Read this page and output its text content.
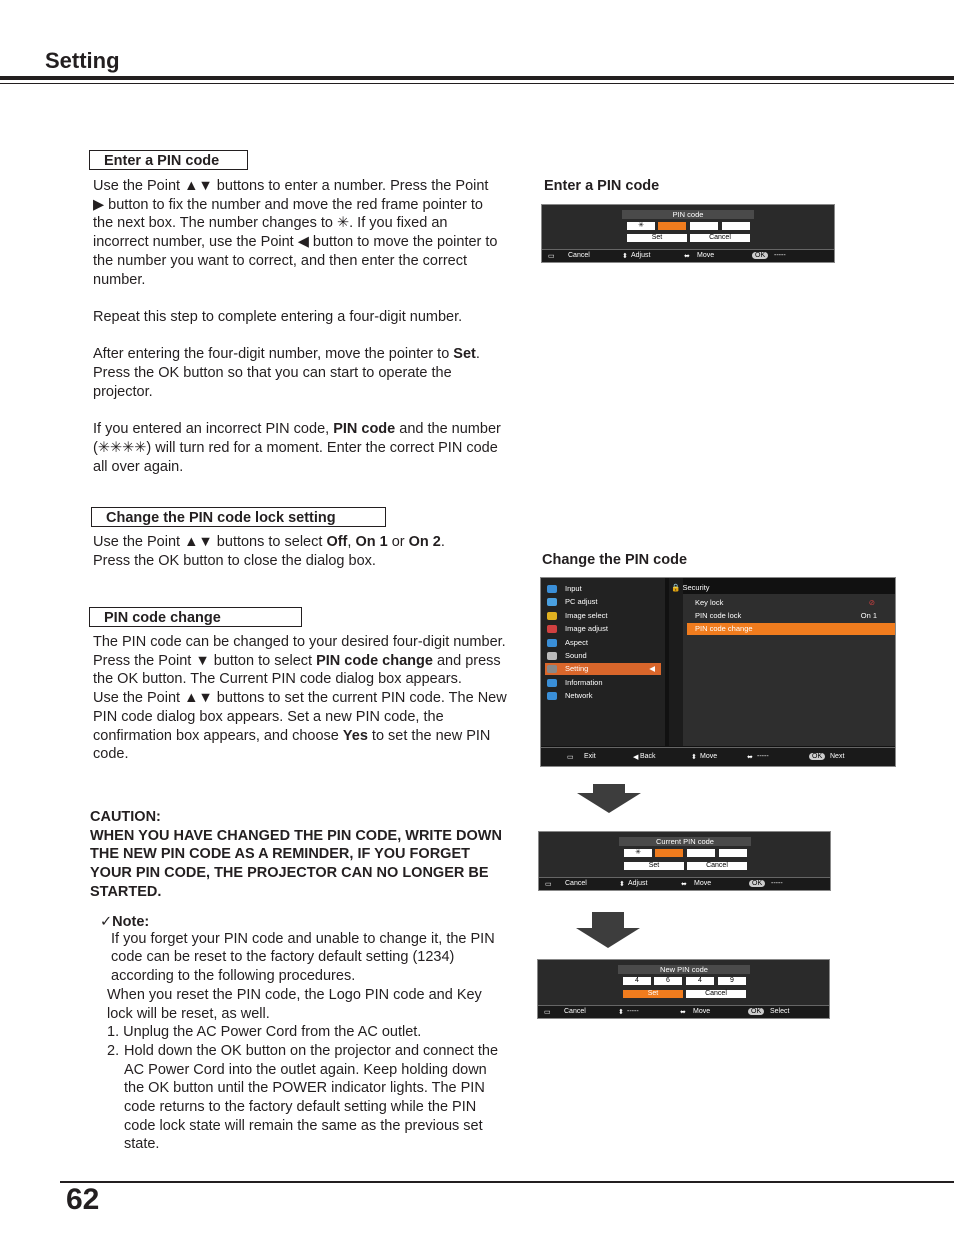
Setting
Enter a PIN code

Use the Point ▲▼ buttons to enter a number. Press the Point ▶ button to fix the number and move the red frame pointer to the next box. The number changes to ✳. If you fixed an incorrect number, use the Point ◀ button to move the pointer to the number you want to correct, and then enter the correct number.

Repeat this step to complete entering a four-digit number.

After entering the four-digit number, move the pointer to Set. Press the OK button so that you can start to operate the projector.

If you entered an incorrect PIN code, PIN code and the number (✳✳✳✳) will turn red for a moment. Enter the correct PIN code all over again.

Change the PIN code lock setting
Use the Point ▲▼ buttons to select Off, On 1 or On 2.
Press the OK button to close the dialog box.
PIN code change
The PIN code can be changed to your desired four-digit number.
Press the Point ▼ button to select PIN code change and press the OK button. The Current PIN code dialog box appears.
Use the Point ▲▼ buttons to set the current PIN code. The New PIN code dialog box appears. Set a new PIN code, the confirmation box appears, and choose Yes to set the new PIN code.
CAUTION:
WHEN YOU HAVE CHANGED THE PIN CODE, WRITE DOWN THE NEW PIN CODE AS A REMINDER, IF YOU FORGET YOUR PIN CODE, THE PROJECTOR CAN NO LONGER BE STARTED.
✓Note:
If you forget your PIN code and unable to change it, the PIN code can be reset to the factory default setting (1234) according to the following procedures.
When you reset the PIN code, the Logo PIN code and Key lock will be reset, as well.
1. Unplug the AC Power Cord from the AC outlet.
2. Hold down the OK button on the projector and connect the AC Power Cord into the outlet again. Keep holding down the OK button until the POWER indicator lights. The PIN code returns to the factory default setting while the PIN code lock state will remain the same as the previous set state.
Enter a PIN code
PIN code
✳
Set	Cancel
▭ Cancel	⬍ Adjust	⬌ Move	OK	-----
Change the PIN code
Input
PC adjust
Image select
Image adjust
Aspect
Sound
Setting	◀
Information
Network
🔒 Security
Key lock	⊘
PIN code lock	On 1
PIN code change
▭ Exit	◀ Back	⬍ Move	⬌ -----	OK	Next
Current PIN code
✳
Set	Cancel
▭ Cancel	⬍ Adjust	⬌ Move	OK	-----
New PIN code
4	6	4	9
Set	Cancel
▭ Cancel	⬍ -----	⬌ Move	OK	Select
62
